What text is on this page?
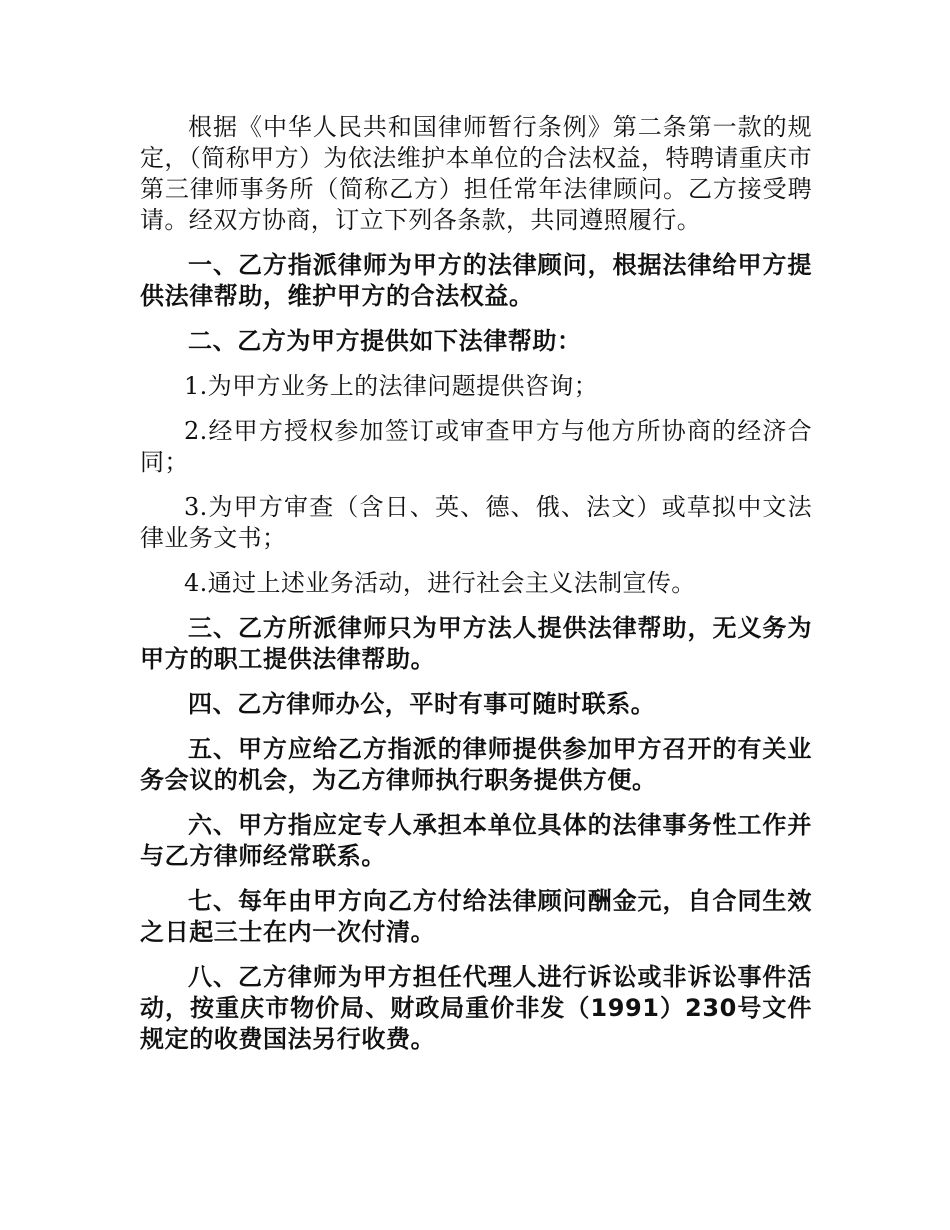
根据《中华人民共和国律师暂行条例》第二条第一款的规定，（简称甲方）为依法维护本单位的合法权益，特聘请重庆市第三律师事务所（简称乙方）担任常年法律顾问。乙方接受聘请。经双方协商，订立下列各条款，共同遵照履行。

一、乙方指派律师为甲方的法律顾问，根据法律给甲方提供法律帮助，维护甲方的合法权益。

二、乙方为甲方提供如下法律帮助：

1.为甲方业务上的法律问题提供咨询；

2.经甲方授权参加签订或审查甲方与他方所协商的经济合同；

3.为甲方审查（含日、英、德、俄、法文）或草拟中文法律业务文书；

4.通过上述业务活动，进行社会主义法制宣传。

三、乙方所派律师只为甲方法人提供法律帮助，无义务为甲方的职工提供法律帮助。

四、乙方律师办公，平时有事可随时联系。

五、甲方应给乙方指派的律师提供参加甲方召开的有关业务会议的机会，为乙方律师执行职务提供方便。

六、甲方指应定专人承担本单位具体的法律事务性工作并与乙方律师经常联系。

七、每年由甲方向乙方付给法律顾问酬金元，自合同生效之日起三士在内一次付清。

八、乙方律师为甲方担任代理人进行诉讼或非诉讼事件活动，按重庆市物价局、财政局重价非发（1991）230号文件规定的收费国法另行收费。
